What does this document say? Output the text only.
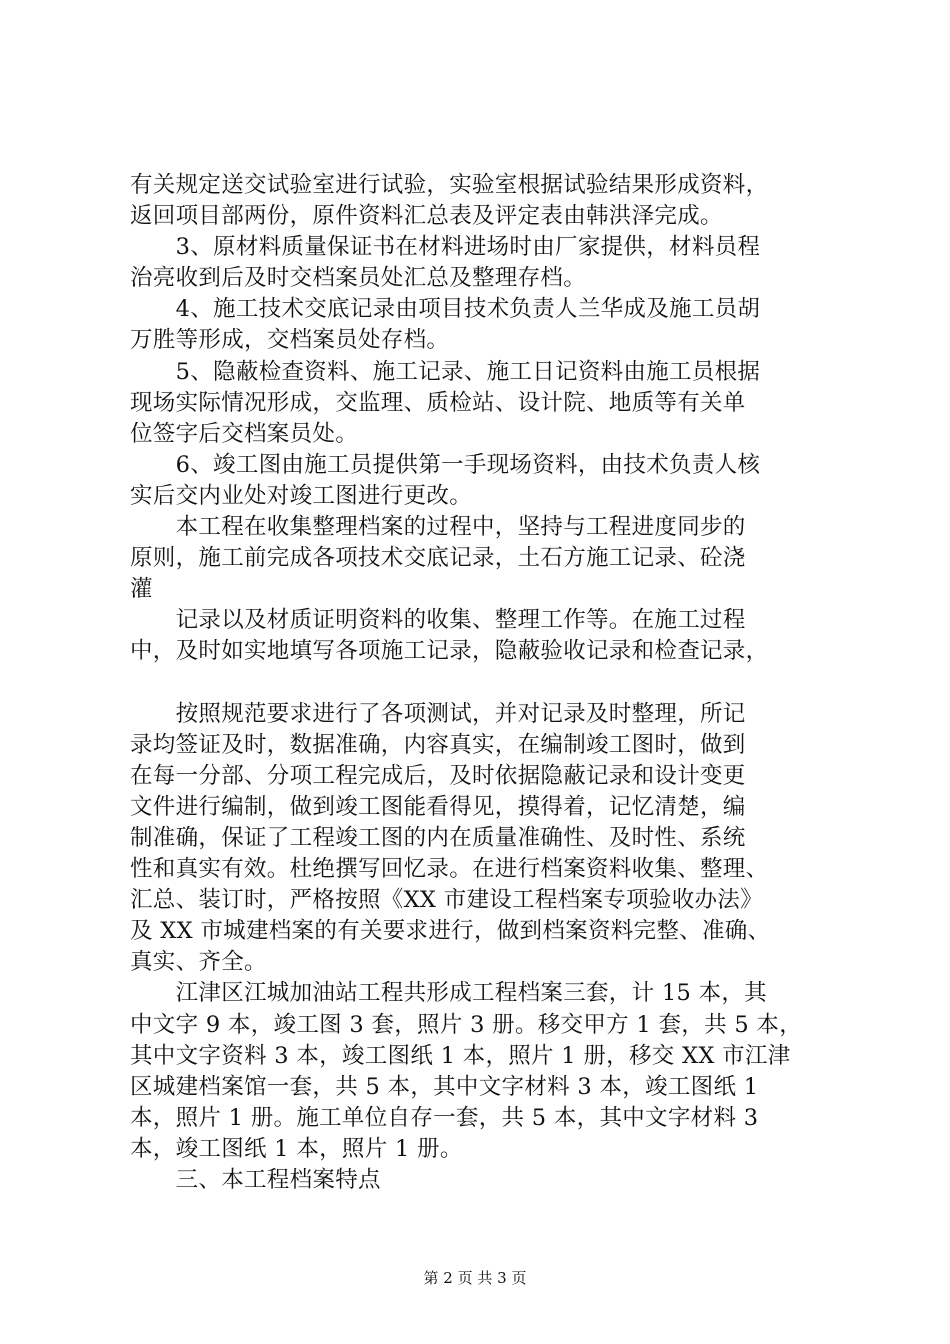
有关规定送交试验室进行试验，实验室根据试验结果形成资料，
返回项目部两份，原件资料汇总表及评定表由韩洪泽完成。
　　3、原材料质量保证书在材料进场时由厂家提供，材料员程
治亮收到后及时交档案员处汇总及整理存档。
　　4、施工技术交底记录由项目技术负责人兰华成及施工员胡
万胜等形成，交档案员处存档。
　　5、隐蔽检查资料、施工记录、施工日记资料由施工员根据
现场实际情况形成，交监理、质检站、设计院、地质等有关单
位签字后交档案员处。
　　6、竣工图由施工员提供第一手现场资料，由技术负责人核
实后交内业处对竣工图进行更改。
　　本工程在收集整理档案的过程中，坚持与工程进度同步的
原则，施工前完成各项技术交底记录，土石方施工记录、砼浇
灌
　　记录以及材质证明资料的收集、整理工作等。在施工过程
中，及时如实地填写各项施工记录，隐蔽验收记录和检查记录，
　　按照规范要求进行了各项测试，并对记录及时整理，所记
录均签证及时，数据准确，内容真实，在编制竣工图时，做到
在每一分部、分项工程完成后，及时依据隐蔽记录和设计变更
文件进行编制，做到竣工图能看得见，摸得着，记忆清楚，编
制准确，保证了工程竣工图的内在质量准确性、及时性、系统
性和真实有效。杜绝撰写回忆录。在进行档案资料收集、整理、
汇总、装订时，严格按照《XX 市建设工程档案专项验收办法》
及 XX 市城建档案的有关要求进行，做到档案资料完整、准确、
真实、齐全。
　　江津区江城加油站工程共形成工程档案三套，计 15 本，其
中文字 9 本，竣工图 3 套，照片 3 册。移交甲方 1 套，共 5 本，
其中文字资料 3 本，竣工图纸 1 本，照片 1 册，移交 XX 市江津
区城建档案馆一套，共 5 本，其中文字材料 3 本，竣工图纸 1
本，照片 1 册。施工单位自存一套，共 5 本，其中文字材料 3
本，竣工图纸 1 本，照片 1 册。
　　三、本工程档案特点
第 2 页 共 3 页
